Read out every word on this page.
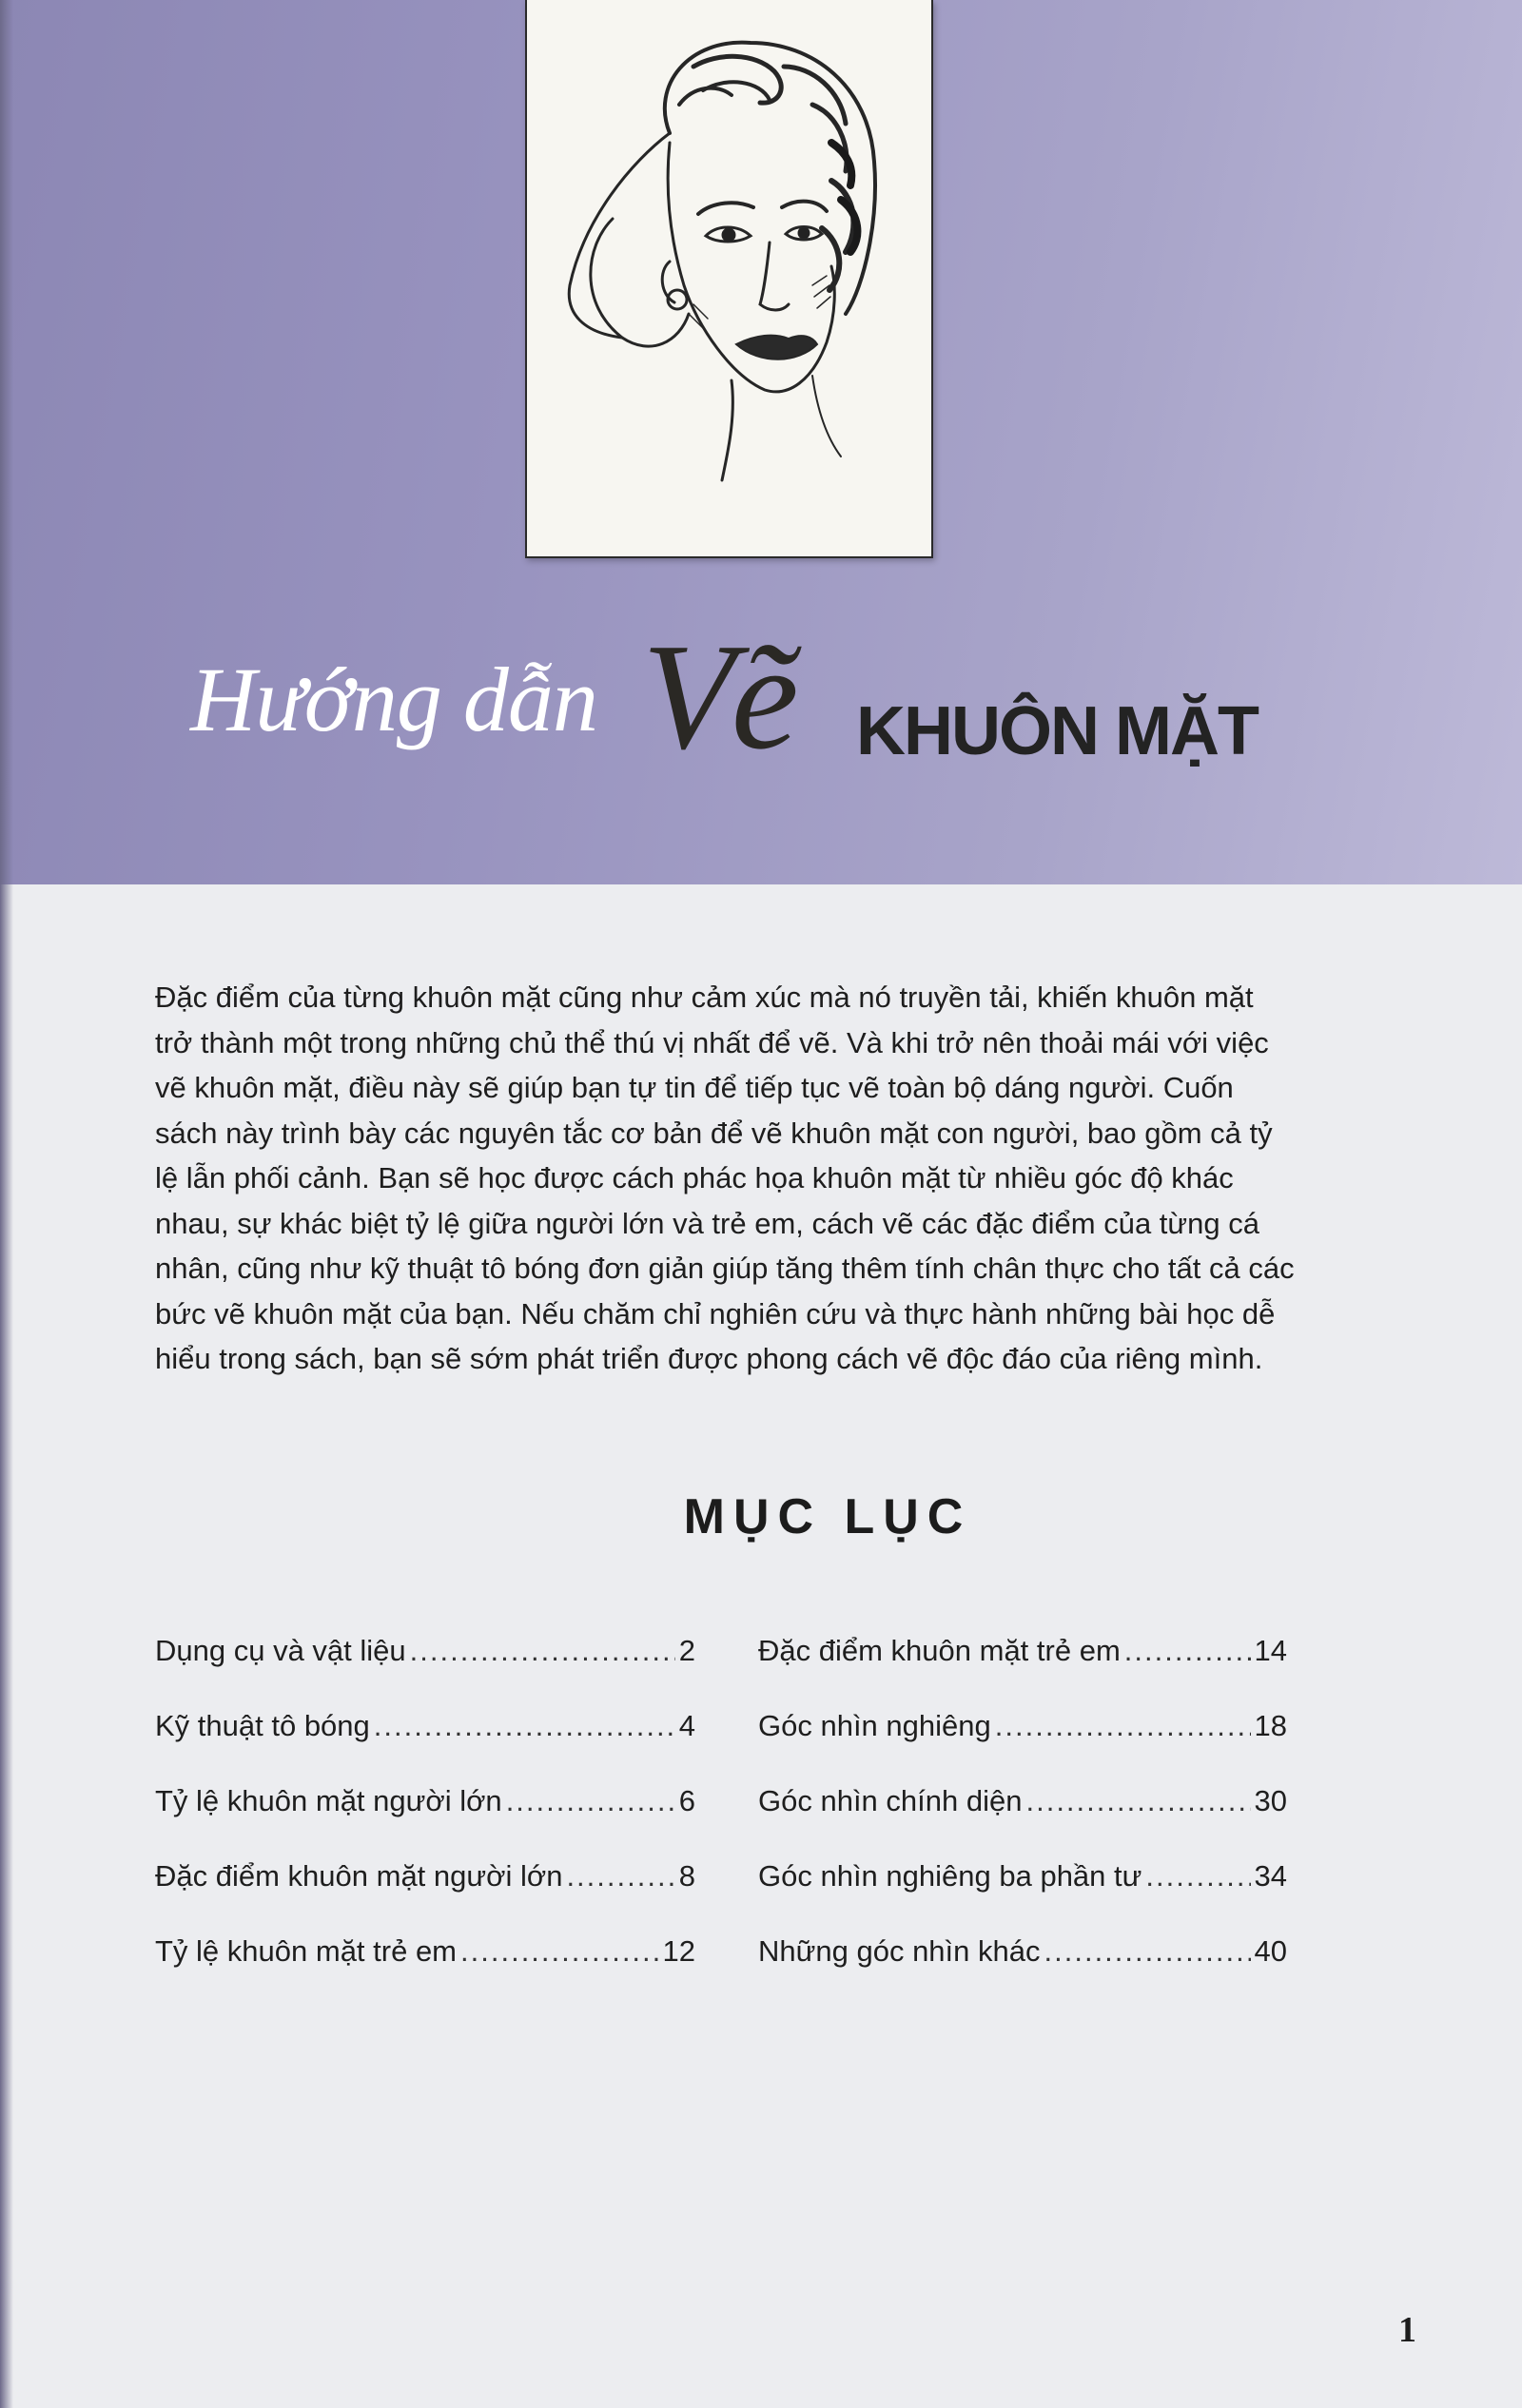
Hướng dẫn Vẽ KHUÔN MẶT

Đặc điểm của từng khuôn mặt cũng như cảm xúc mà nó truyền tải, khiến khuôn mặt trở thành một trong những chủ thể thú vị nhất để vẽ. Và khi trở nên thoải mái với việc vẽ khuôn mặt, điều này sẽ giúp bạn tự tin để tiếp tục vẽ toàn bộ dáng người. Cuốn sách này trình bày các nguyên tắc cơ bản để vẽ khuôn mặt con người, bao gồm cả tỷ lệ lẫn phối cảnh. Bạn sẽ học được cách phác họa khuôn mặt từ nhiều góc độ khác nhau, sự khác biệt tỷ lệ giữa người lớn và trẻ em, cách vẽ các đặc điểm của từng cá nhân, cũng như kỹ thuật tô bóng đơn giản giúp tăng thêm tính chân thực cho tất cả các bức vẽ khuôn mặt của bạn. Nếu chăm chỉ nghiên cứu và thực hành những bài học dễ hiểu trong sách, bạn sẽ sớm phát triển được phong cách vẽ độc đáo của riêng mình.

MỤC LỤC
Dụng cụ và vật liệu .....	2
Kỹ thuật tô bóng .....	4
Tỷ lệ khuôn mặt người lớn .....	6
Đặc điểm khuôn mặt người lớn .....	8
Tỷ lệ khuôn mặt trẻ em .....	12
Đặc điểm khuôn mặt trẻ em .....	14
Góc nhìn nghiêng .....	18
Góc nhìn chính diện .....	30
Góc nhìn nghiêng ba phần tư .....	34
Những góc nhìn khác .....	40
1
